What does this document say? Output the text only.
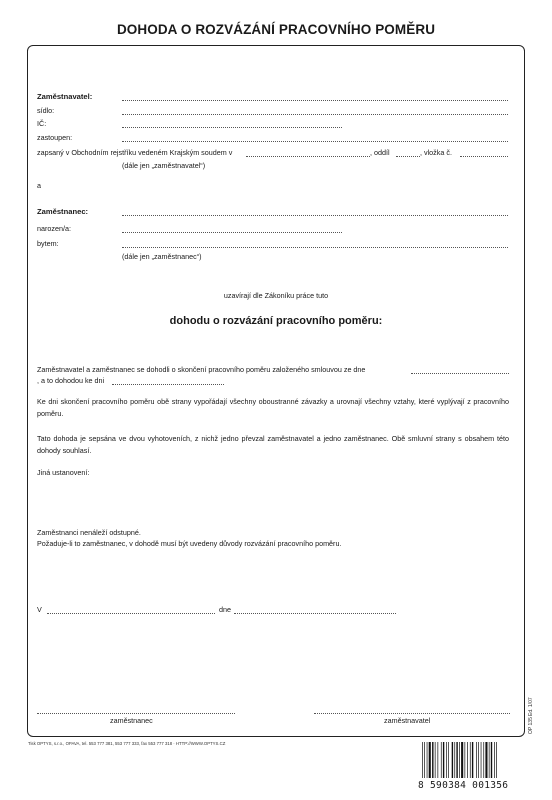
DOHODA O ROZVÁZÁNÍ PRACOVNÍHO POMĚRU
Zaměstnavatel:
sídlo:
IČ:
zastoupen:
zapsaný v Obchodním rejstříku vedeném Krajským soudem v	, oddíl	, vložka č.
(dále jen „zaměstnavatel“)
a
Zaměstnanec:
narozen/a:
bytem:
(dále jen „zaměstnanec“)
uzavírají dle Zákoníku práce tuto
dohodu o rozvázání pracovního poměru:
Zaměstnavatel a zaměstnanec se dohodli o skončení pracovního poměru založeného smlouvou ze dne
, a to dohodou ke dni
Ke dni skončení pracovního poměru obě strany vypořádají všechny oboustranné závazky a urovnají všechny vztahy, které vyplývají z pracovního poměru.
Tato dohoda je sepsána ve dvou vyhotoveních, z nichž jedno převzal zaměstnavatel a jedno zaměstnanec. Obě smluvní strany s obsahem této dohody souhlasí.
Jiná ustanovení:
Zaměstnanci nenáleží odstupné.
Požaduje-li to zaměstnanec, v dohodě musí být uvedeny důvody rozvázání pracovního poměru.
V	dne
zaměstnanec	zaměstnavatel	OP 135
Ed. 1/07
Tisk OPTYS, s.r.o., OPAVA, tel. 553 777 381, 553 777 333, fax 553 777 318 · HTTP://WWW.OPTYS.CZ
8 590384 001356
